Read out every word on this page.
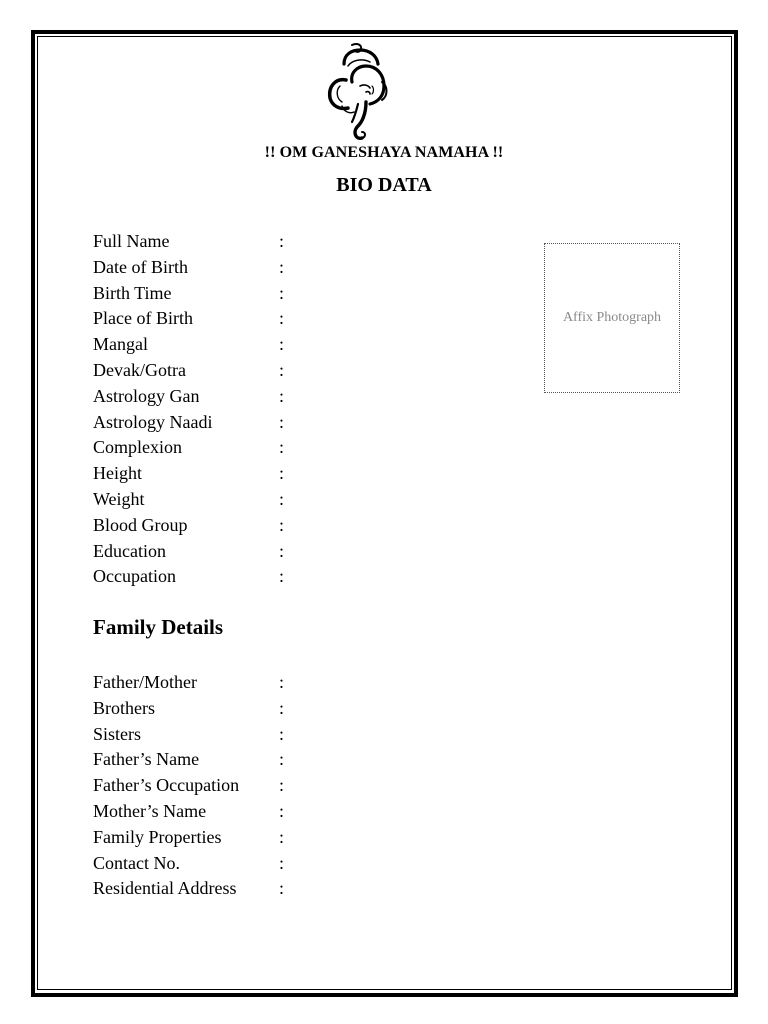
!! OM GANESHAYA NAMAHA !!
BIO DATA
Affix Photograph
Full Name	:
Date of Birth	:
Birth Time	:
Place of Birth	:
Mangal	:
Devak/Gotra	:
Astrology Gan	:
Astrology Naadi	:
Complexion	:
Height	:
Weight	:
Blood Group	:
Education	:
Occupation	:
Family Details
Father/Mother	:
Brothers	:
Sisters	:
Father’s Name	:
Father’s Occupation :
Mother’s Name	:
Family Properties	:
Contact No.	:
Residential Address :
